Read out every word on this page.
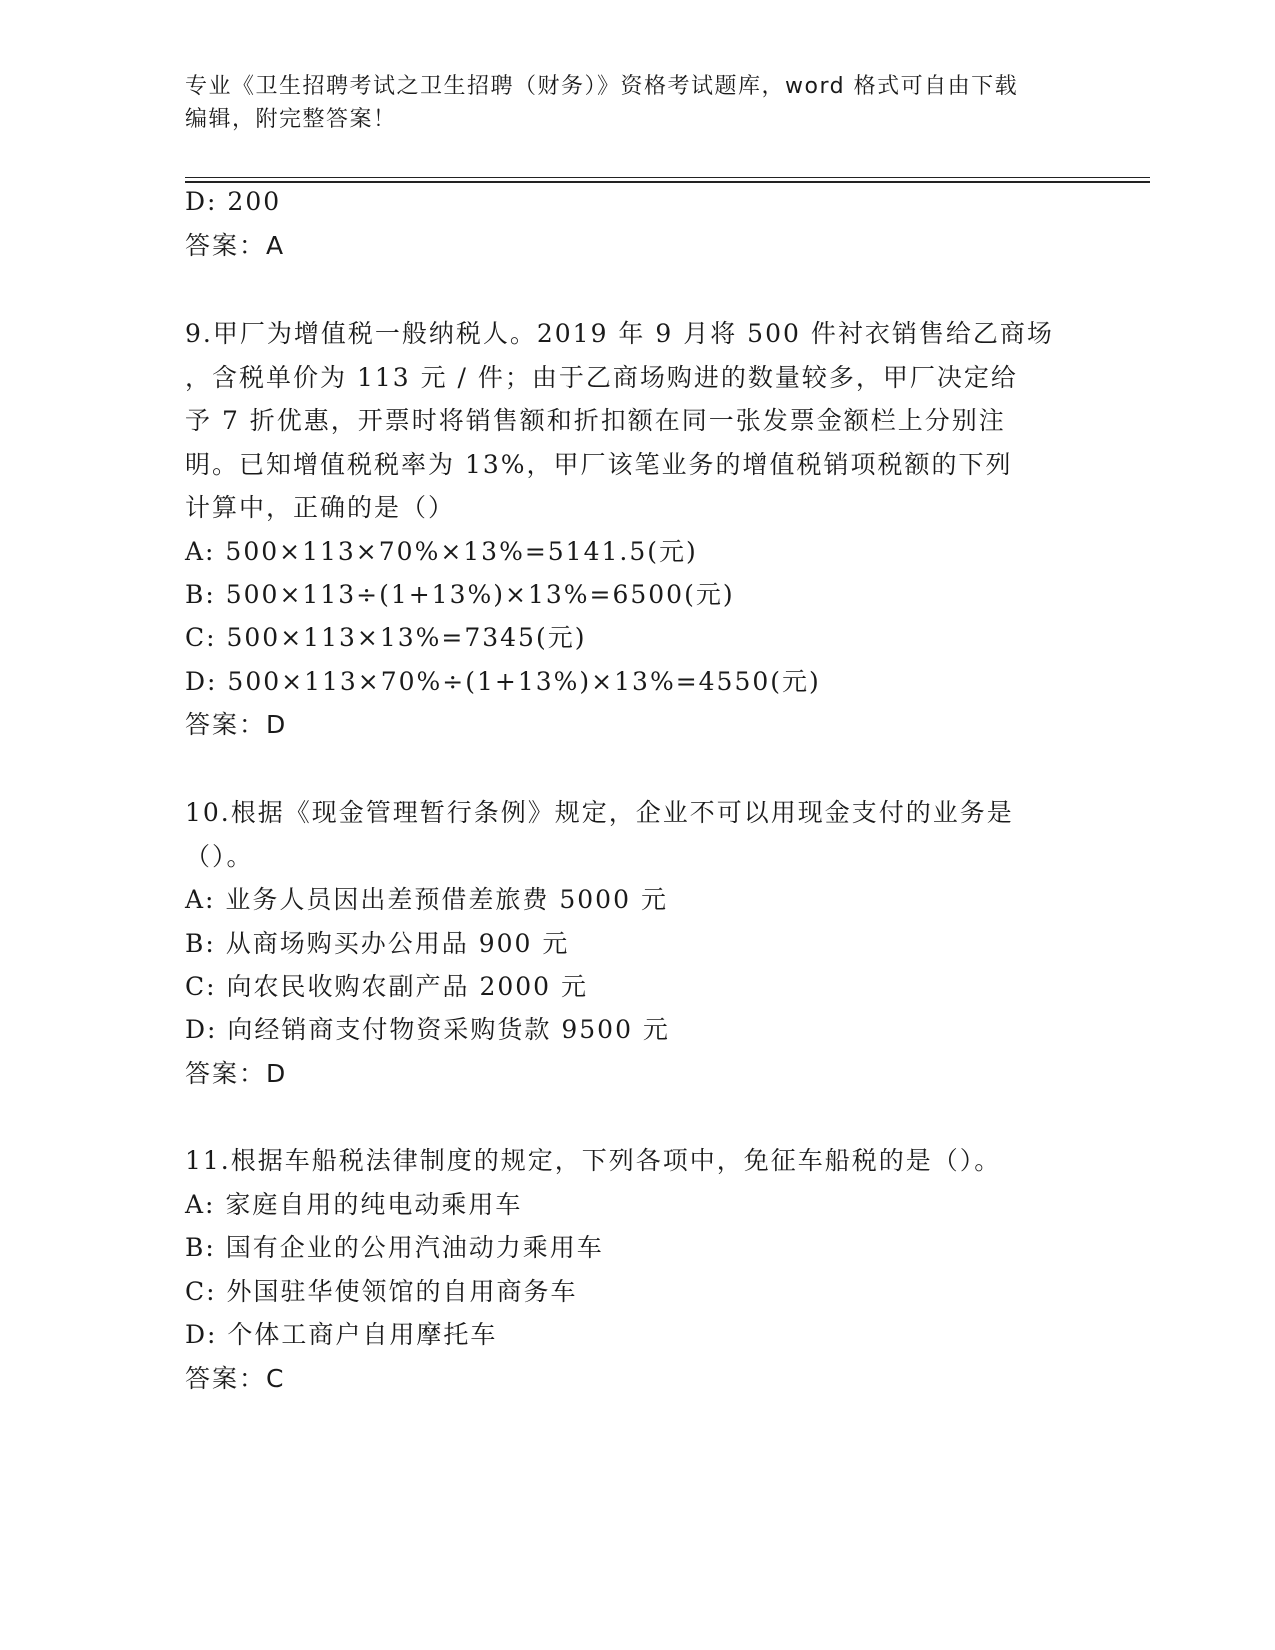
专业《卫生招聘考试之卫生招聘（财务）》资格考试题库，word 格式可自由下载
编辑，附完整答案！
D: 200
答案：A
9.甲厂为增值税一般纳税人。2019 年 9 月将 500 件衬衣销售给乙商场
，含税单价为 113 元 / 件；由于乙商场购进的数量较多，甲厂决定给
予 7 折优惠，开票时将销售额和折扣额在同一张发票金额栏上分别注
明。已知增值税税率为 13%，甲厂该笔业务的增值税销项税额的下列
计算中，正确的是（）
A: 500×113×70%×13%=5141.5(元)
B: 500×113÷(1+13%)×13%=6500(元)
C: 500×113×13%=7345(元)
D: 500×113×70%÷(1+13%)×13%=4550(元)
答案：D
10.根据《现金管理暂行条例》规定，企业不可以用现金支付的业务是
（）。
A: 业务人员因出差预借差旅费 5000 元
B: 从商场购买办公用品 900 元
C: 向农民收购农副产品 2000 元
D: 向经销商支付物资采购货款 9500 元
答案：D
11.根据车船税法律制度的规定，下列各项中，免征车船税的是（）。
A: 家庭自用的纯电动乘用车
B: 国有企业的公用汽油动力乘用车
C: 外国驻华使领馆的自用商务车
D: 个体工商户自用摩托车
答案：C
